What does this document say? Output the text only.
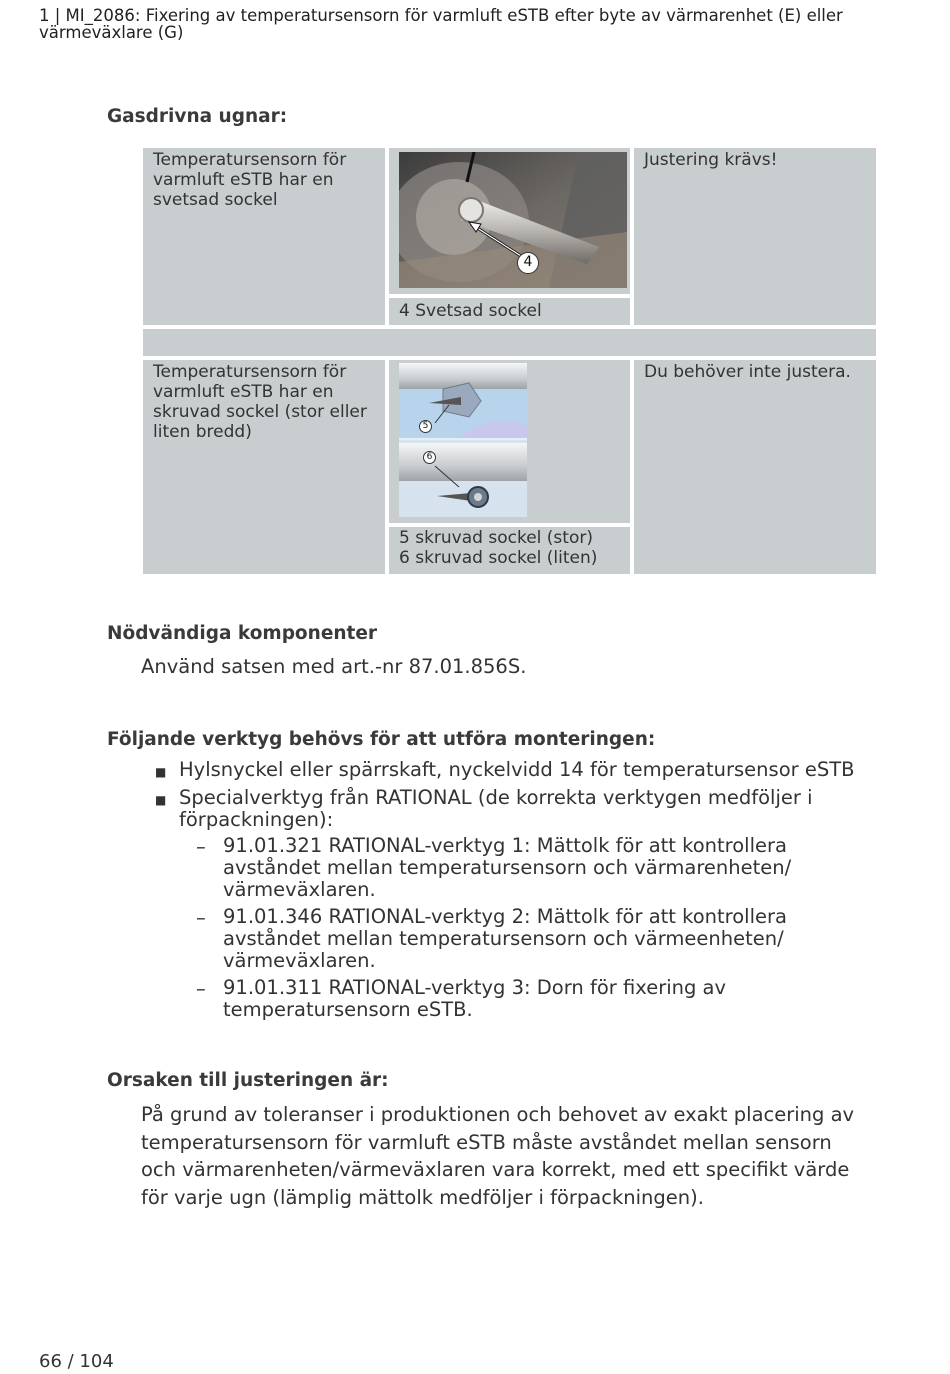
1 | MI_2086: Fixering av temperatursensorn för varmluft eSTB efter byte av värmarenhet (E) eller värmeväxlare (G)
Gasdrivna ugnar:
Temperatursensorn för varmluft eSTB har en svetsad sockel
4
4 Svetsad sockel
Justering krävs!
Temperatursensorn för varmluft eSTB har en skruvad sockel (stor eller liten bredd)	5
6
5 skruvad sockel (stor)
6 skruvad sockel (liten)
Du behöver inte justera.
Nödvändiga komponenter
Använd satsen med art.-nr 87.01.856S.
Följande verktyg behövs för att utföra monteringen:
■ Hylsnyckel eller spärrskaft, nyckelvidd 14 för temperatursensor eSTB
■ Specialverktyg från RATIONAL (de korrekta verktygen medföljer i förpackningen):
– 91.01.321 RATIONAL-verktyg 1: Mättolk för att kontrollera avståndet mellan temperatursensorn och värmarenheten/ värmeväxlaren.
– 91.01.346 RATIONAL-verktyg 2: Mättolk för att kontrollera avståndet mellan temperatursensorn och värmeenheten/ värmeväxlaren.
– 91.01.311 RATIONAL-verktyg 3: Dorn för fixering av temperatursensorn eSTB.
Orsaken till justeringen är:
På grund av toleranser i produktionen och behovet av exakt placering av temperatursensorn för varmluft eSTB måste avståndet mellan sensorn och värmarenheten/värmeväxlaren vara korrekt, med ett specifikt värde för varje ugn (lämplig mättolk medföljer i förpackningen).
66 / 104
